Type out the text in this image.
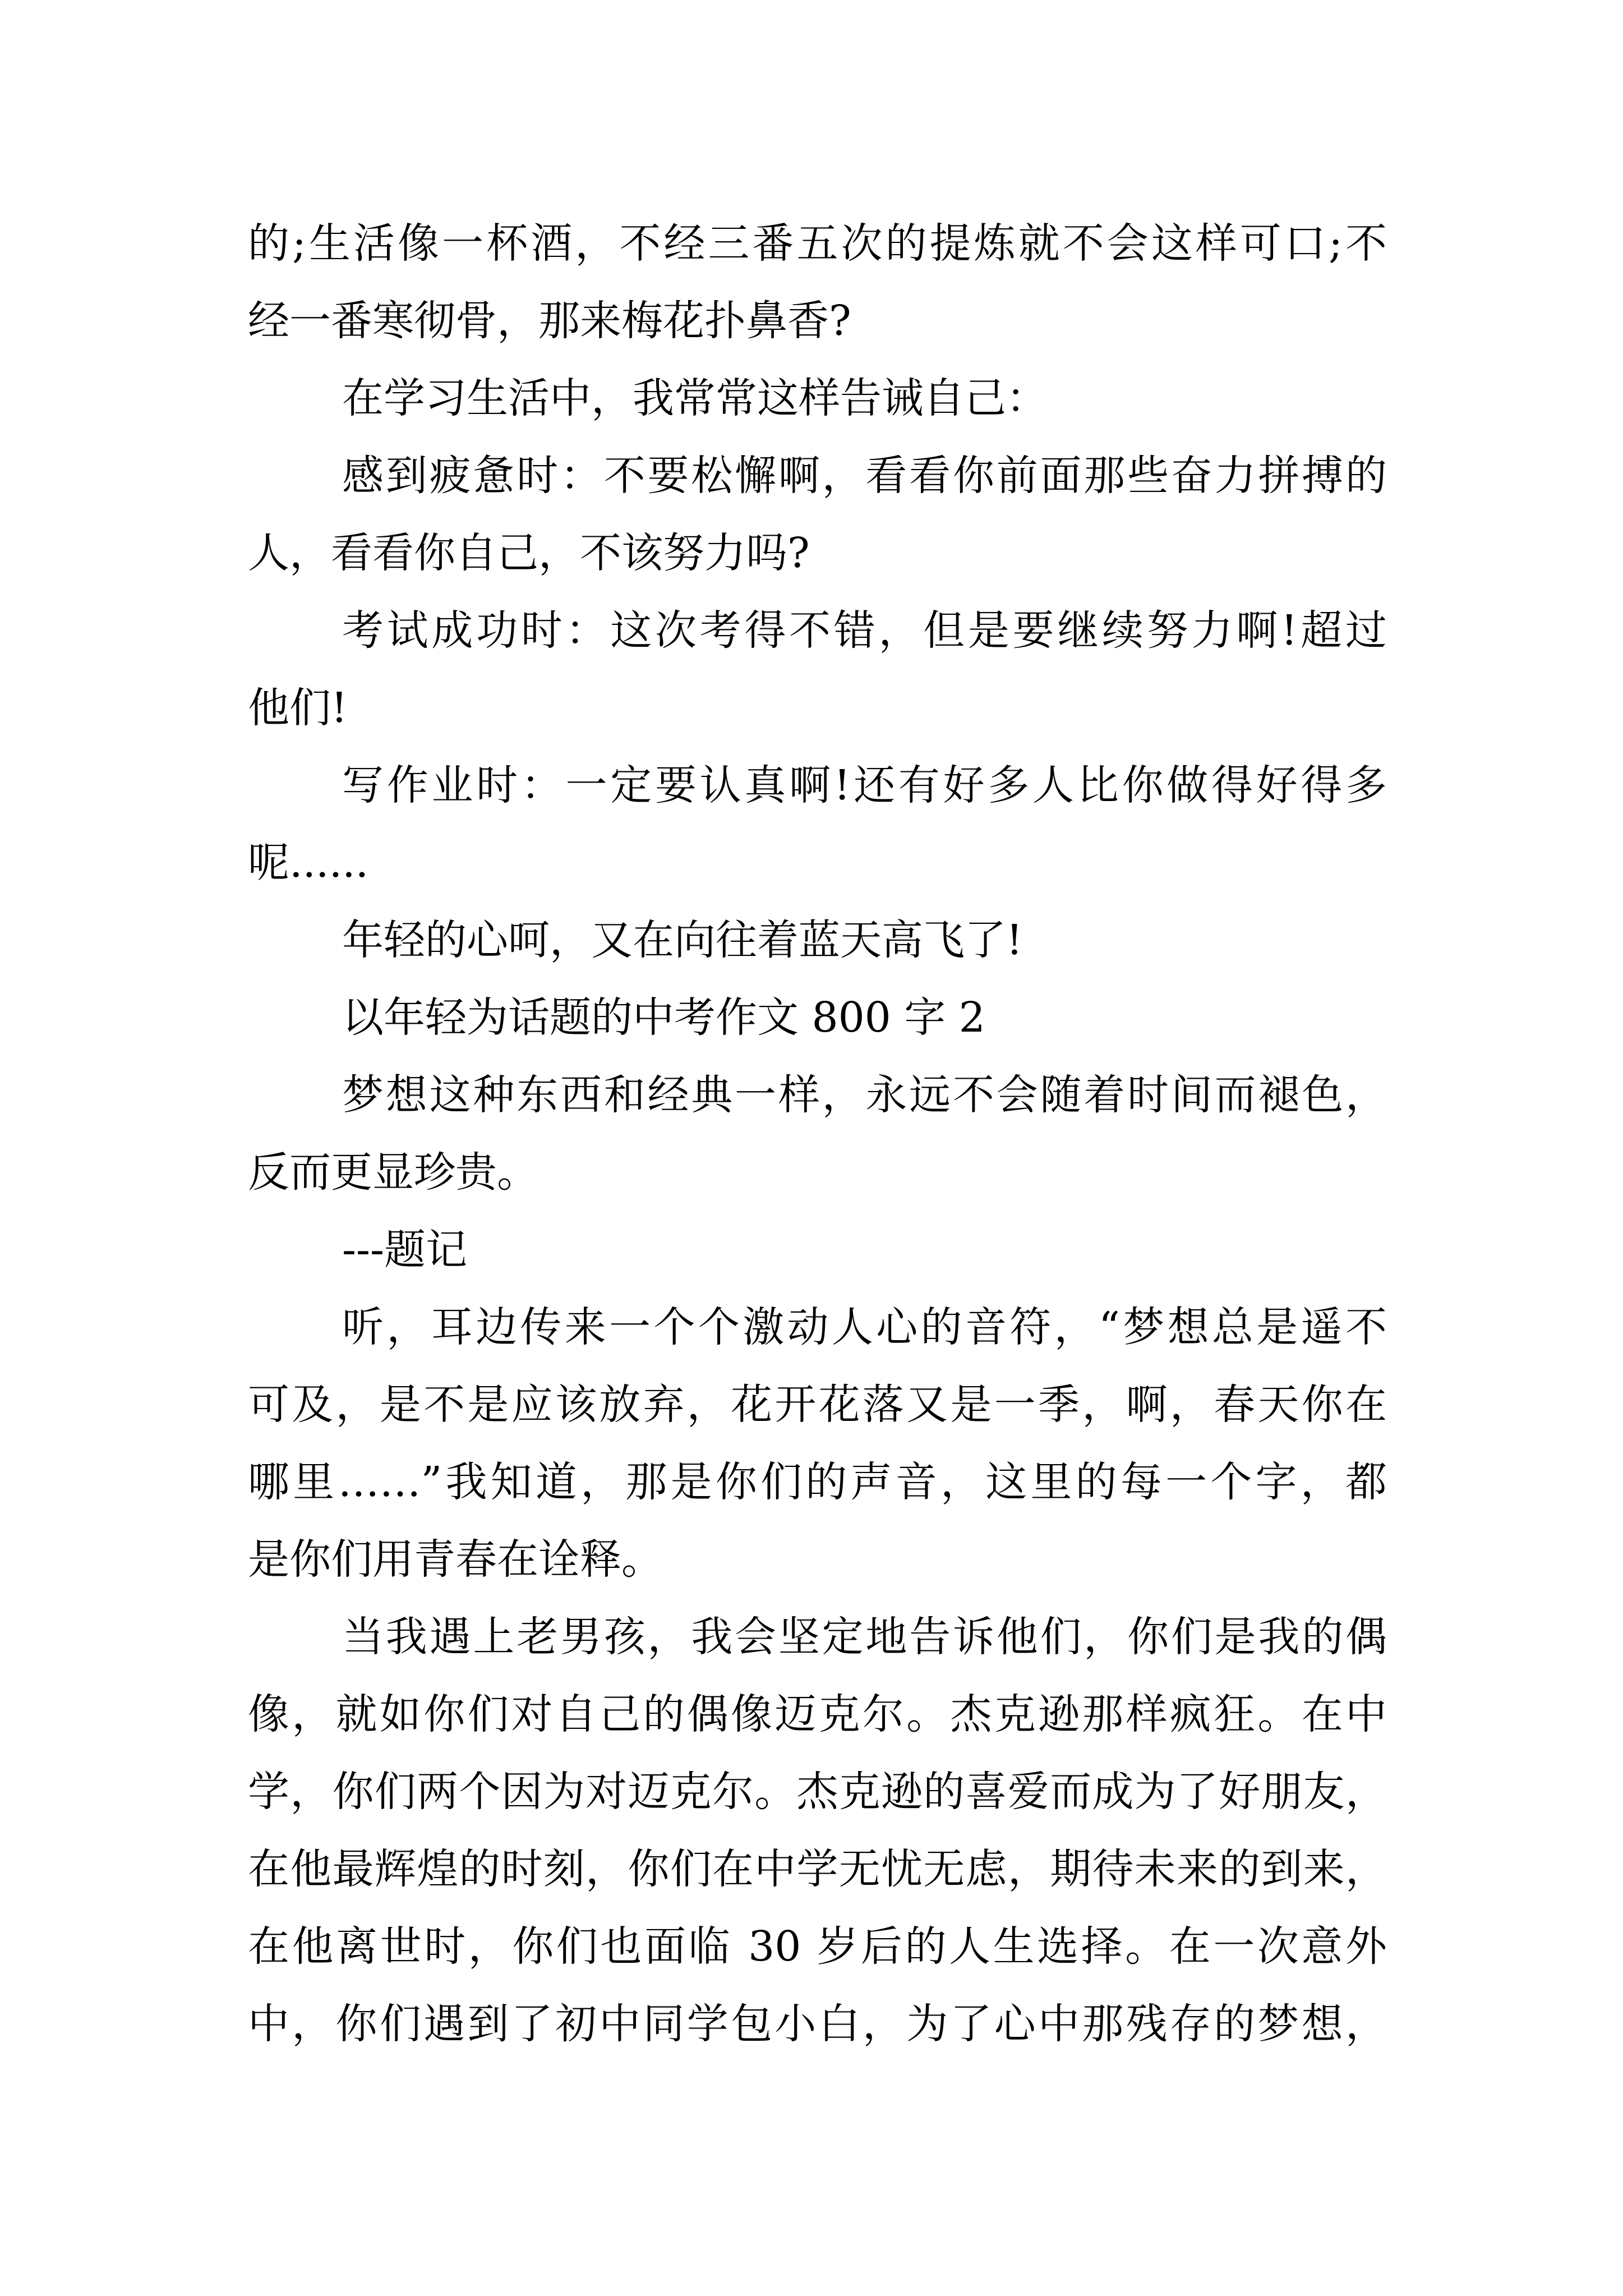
的;生活像一杯酒，不经三番五次的提炼就不会这样可口;不
经一番寒彻骨，那来梅花扑鼻香?
在学习生活中，我常常这样告诫自己：
感到疲惫时：不要松懈啊，看看你前面那些奋力拼搏的
人，看看你自己，不该努力吗?
考试成功时：这次考得不错，但是要继续努力啊!超过
他们!
写作业时：一定要认真啊!还有好多人比你做得好得多
呢......
年轻的心呵，又在向往着蓝天高飞了!
以年轻为话题的中考作文 800 字 2
梦想这种东西和经典一样，永远不会随着时间而褪色，
反而更显珍贵。
---题记
听，耳边传来一个个激动人心的音符，“梦想总是遥不
可及，是不是应该放弃，花开花落又是一季，啊，春天你在
哪里……”我知道，那是你们的声音，这里的每一个字，都
是你们用青春在诠释。
当我遇上老男孩，我会坚定地告诉他们，你们是我的偶
像，就如你们对自己的偶像迈克尔。杰克逊那样疯狂。在中
学，你们两个因为对迈克尔。杰克逊的喜爱而成为了好朋友，
在他最辉煌的时刻，你们在中学无忧无虑，期待未来的到来，
在他离世时，你们也面临 30 岁后的人生选择。在一次意外
中，你们遇到了初中同学包小白，为了心中那残存的梦想，
